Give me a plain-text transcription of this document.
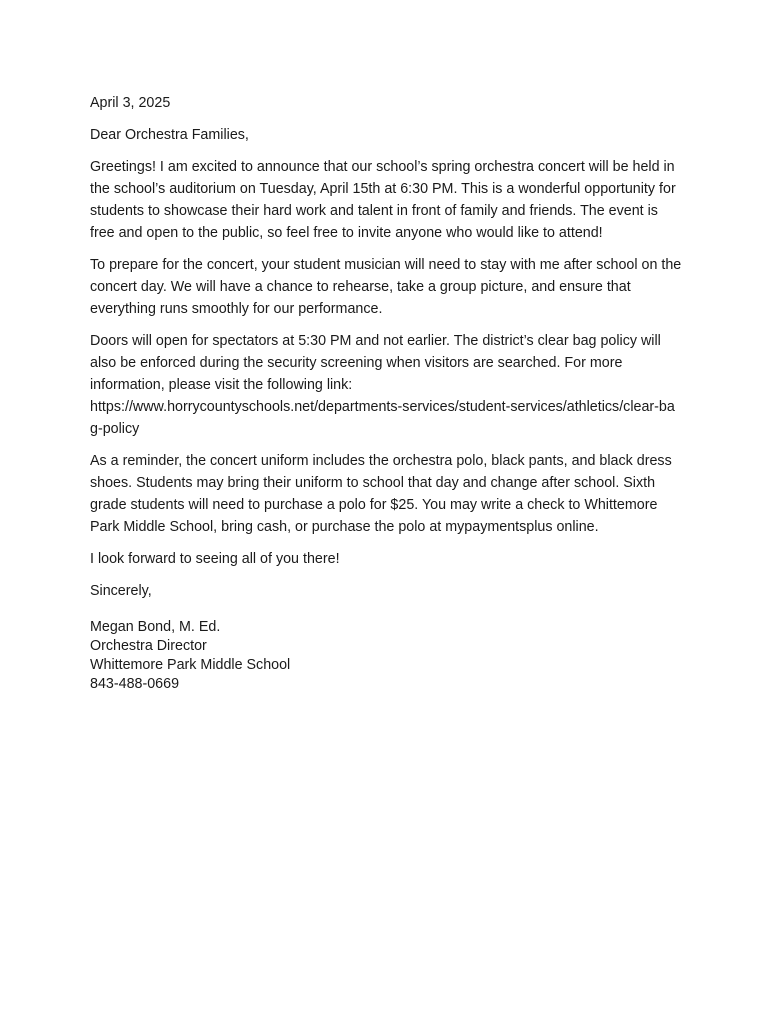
April 3, 2025

Dear Orchestra Families,

Greetings! I am excited to announce that our school’s spring orchestra concert will be held in the school’s auditorium on Tuesday, April 15th at 6:30 PM. This is a wonderful opportunity for students to showcase their hard work and talent in front of family and friends. The event is free and open to the public, so feel free to invite anyone who would like to attend!

To prepare for the concert, your student musician will need to stay with me after school on the concert day. We will have a chance to rehearse, take a group picture, and ensure that everything runs smoothly for our performance.

Doors will open for spectators at 5:30 PM and not earlier. The district’s clear bag policy will also be enforced during the security screening when visitors are searched. For more information, please visit the following link:
https://www.horrycountyschools.net/departments-services/student-services/athletics/clear-bag-policy

As a reminder, the concert uniform includes the orchestra polo, black pants, and black dress shoes. Students may bring their uniform to school that day and change after school. Sixth grade students will need to purchase a polo for $25. You may write a check to Whittemore Park Middle School, bring cash, or purchase the polo at mypaymentsplus online.

I look forward to seeing all of you there!

Sincerely,

Megan Bond, M. Ed.
Orchestra Director
Whittemore Park Middle School
843-488-0669
